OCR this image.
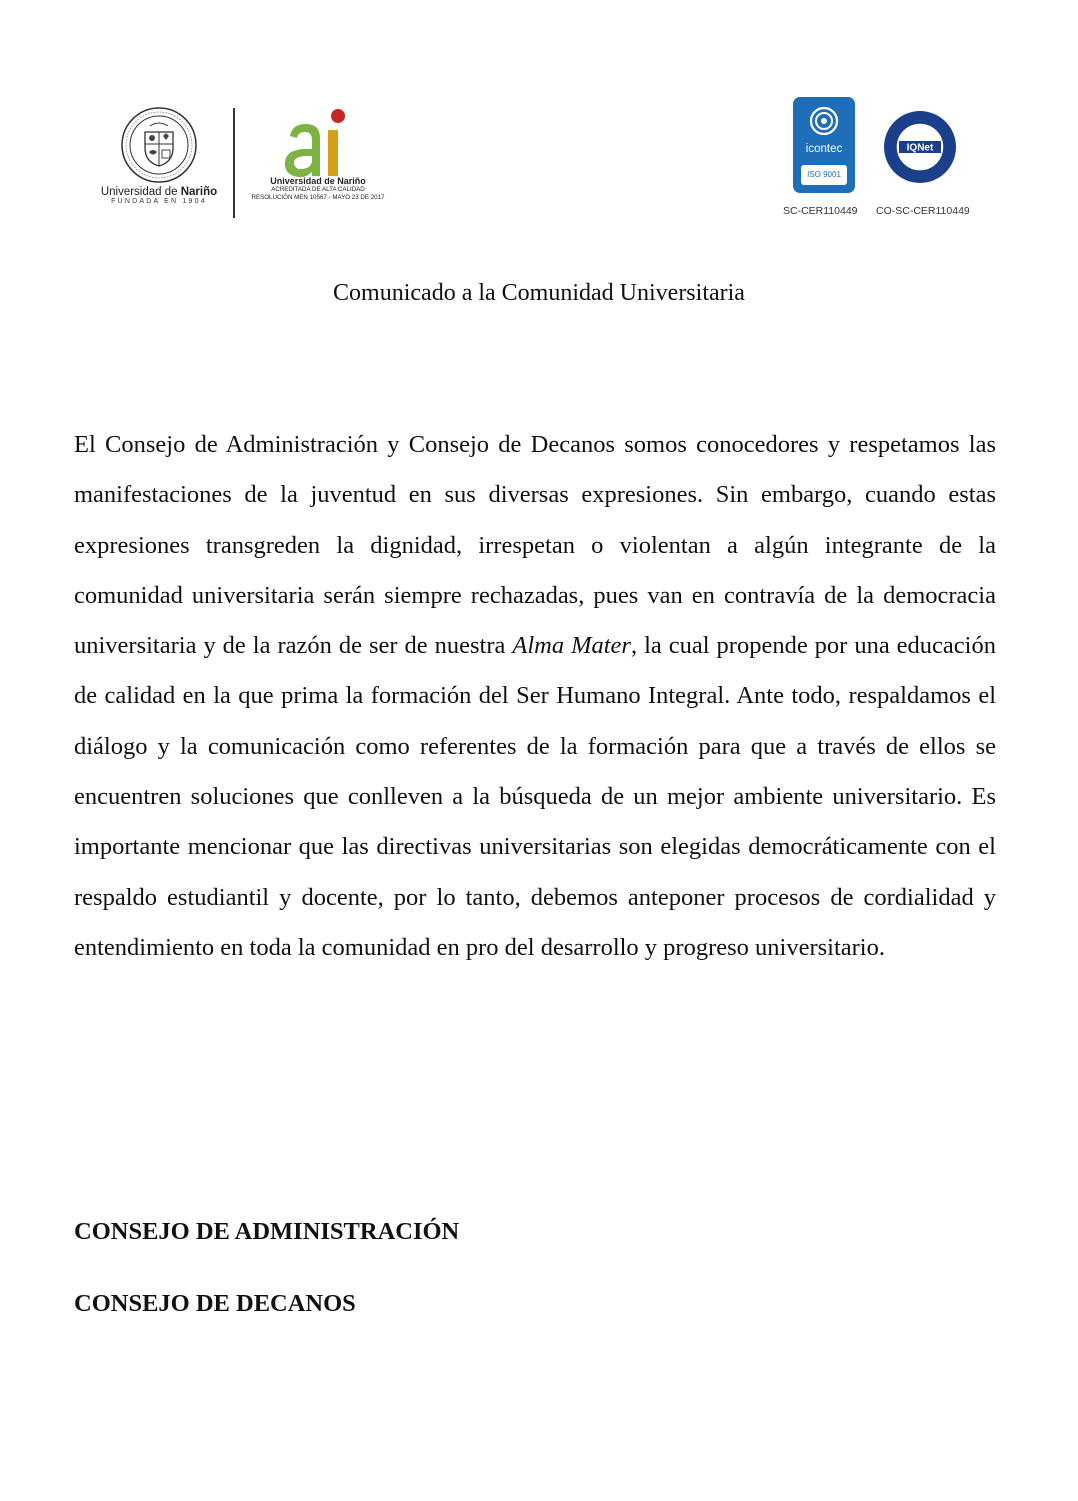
Universidad de Nariño
FUNDADA EN 1904
Universidad de Nariño
ACREDITADA DE ALTA CALIDAD
RESOLUCIÓN MEN 10567 - MAYO 23 DE 2017
icontec
ISO 9001
IQNet
SC-CER110449 CO-SC-CER110449
Comunicado a la Comunidad Universitaria

El Consejo de Administración y Consejo de Decanos somos conocedores y respetamos las manifestaciones de la juventud en sus diversas expresiones. Sin embargo, cuando estas expresiones transgreden la dignidad, irrespetan o violentan a algún integrante de la comunidad universitaria serán siempre rechazadas, pues van en contravía de la democracia universitaria y de la razón de ser de nuestra Alma Mater, la cual propende por una educación de calidad en la que prima la formación del Ser Humano Integral. Ante todo, respaldamos el diálogo y la comunicación como referentes de la formación para que a través de ellos se encuentren soluciones que conlleven a la búsqueda de un mejor ambiente universitario. Es importante mencionar que las directivas universitarias son elegidas democráticamente con el respaldo estudiantil y docente, por lo tanto, debemos anteponer procesos de cordialidad y entendimiento en toda la comunidad en pro del desarrollo y progreso universitario.

CONSEJO DE ADMINISTRACIÓN
CONSEJO DE DECANOS
